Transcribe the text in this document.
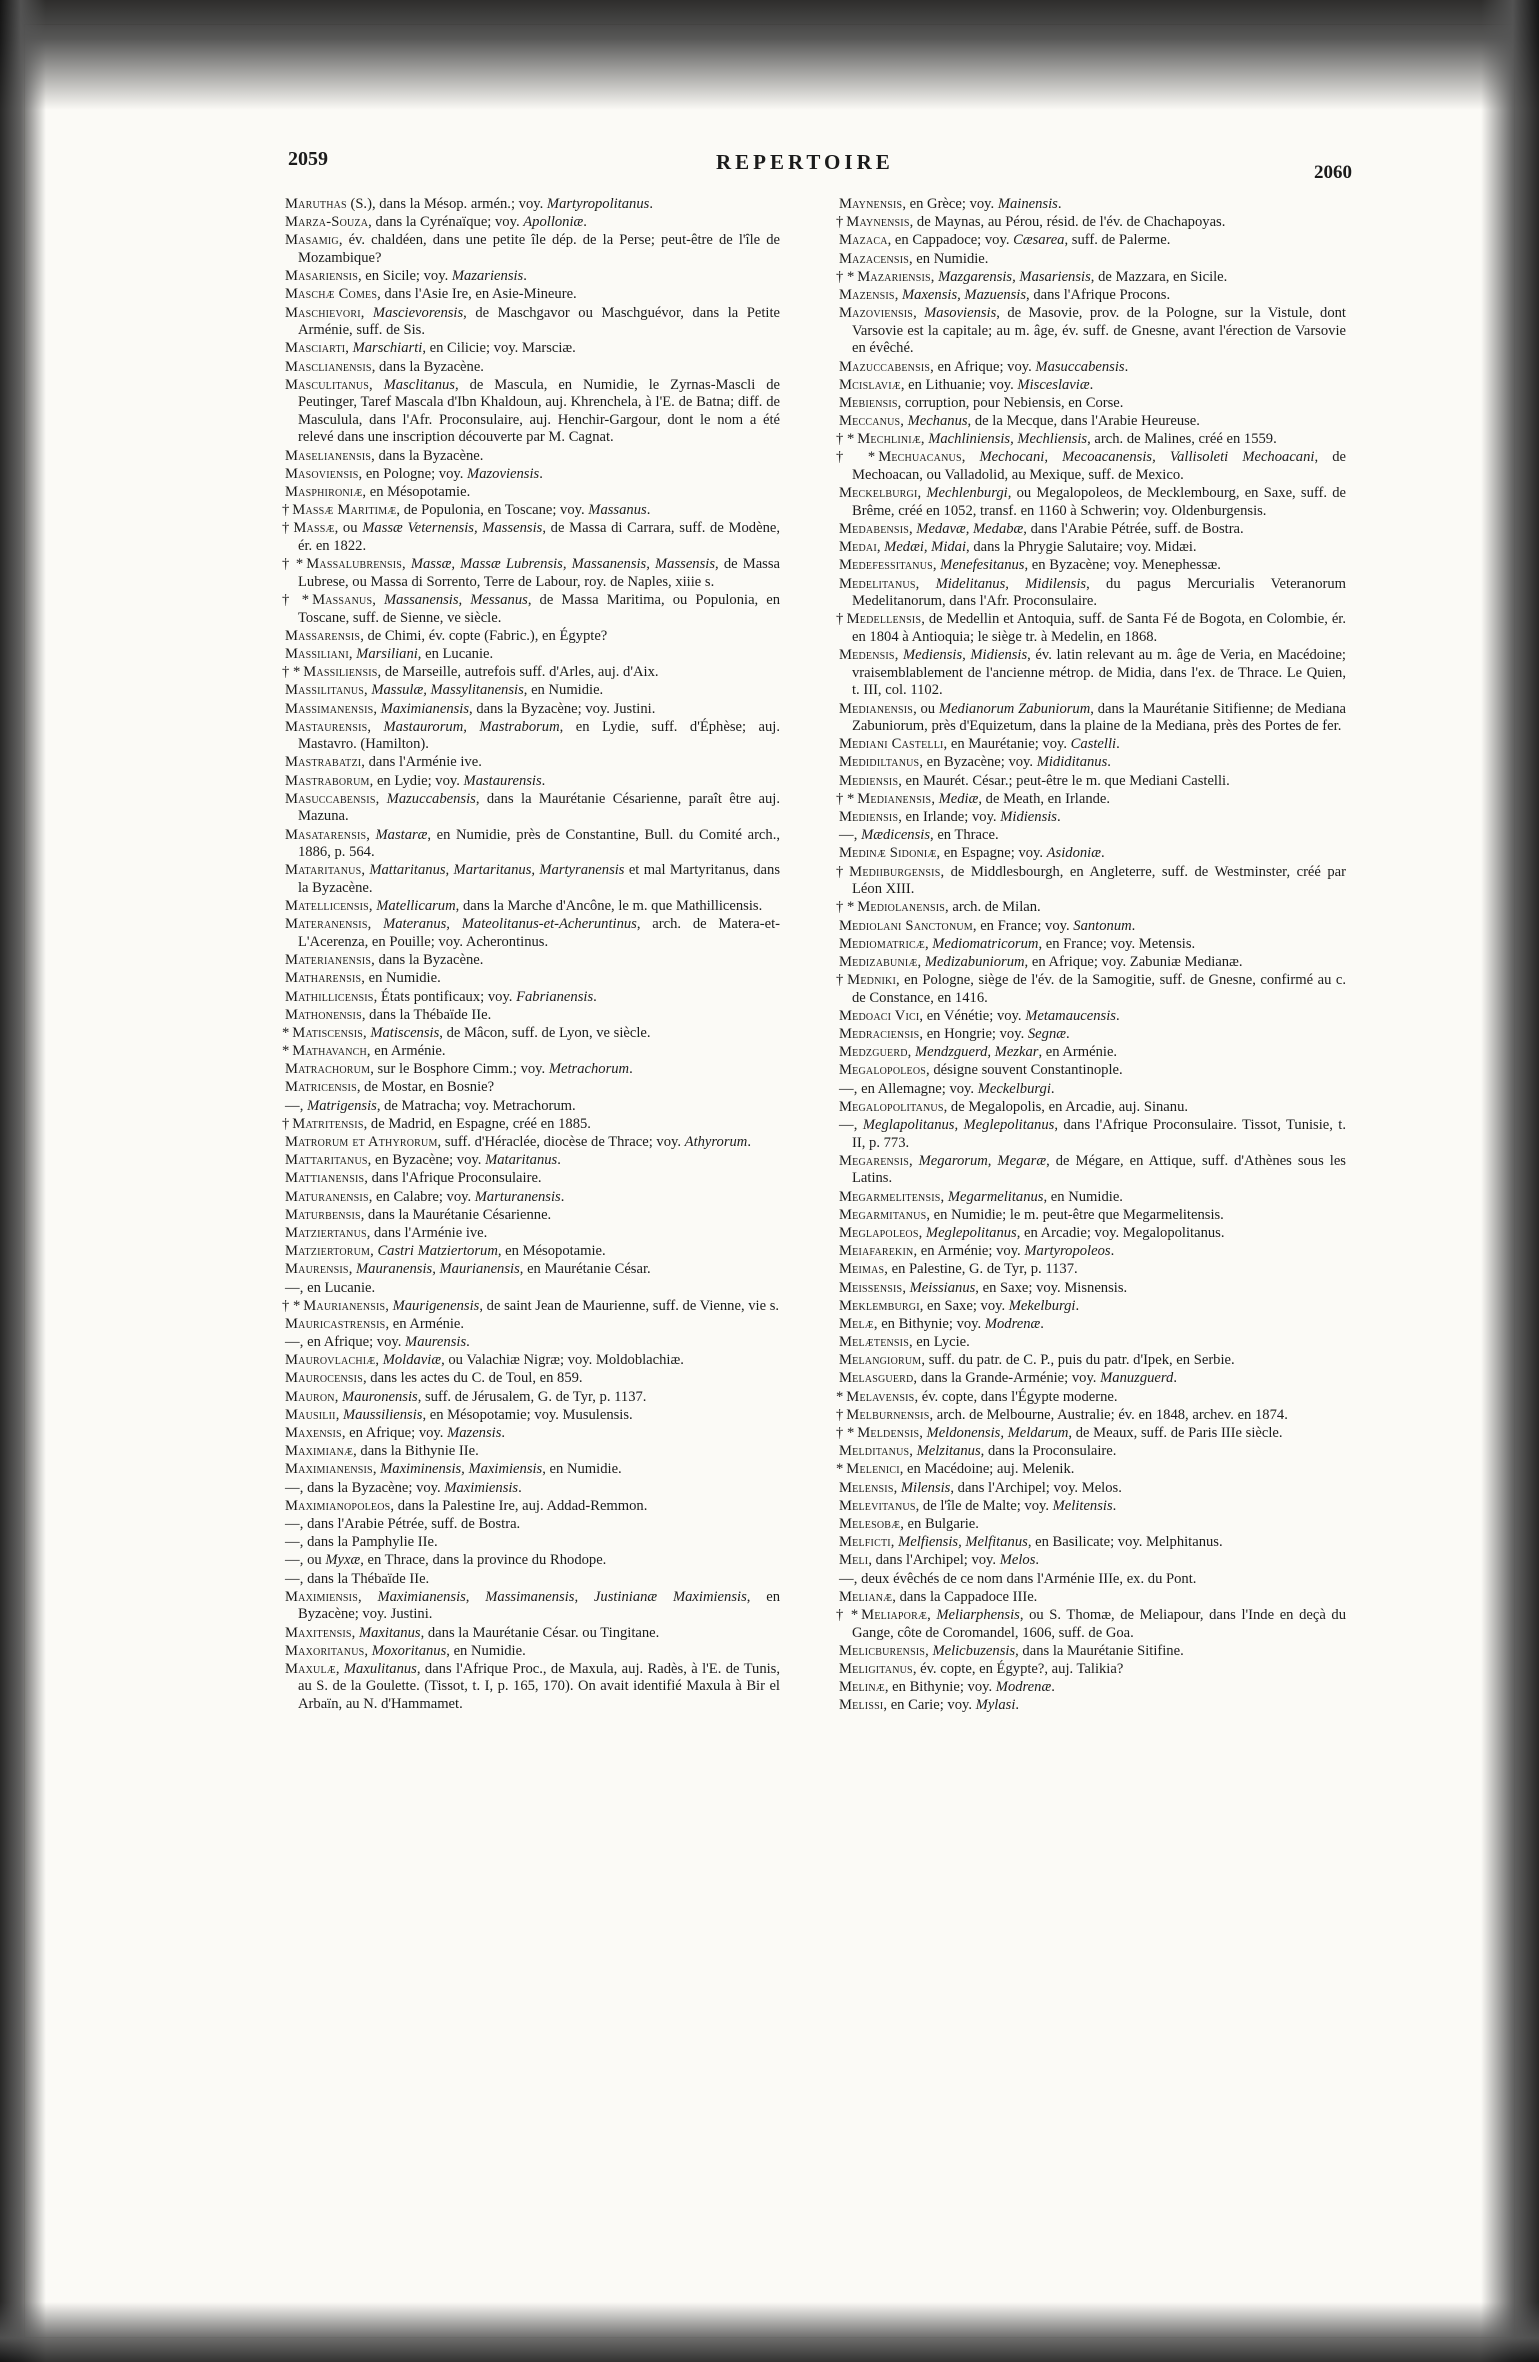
2059	REPERTOIRE	2060
Maruthas (S.), dans la Mésop. armén.; voy. Martyropolitanus.
Marza-Souza, dans la Cyrénaïque; voy. Apolloniæ.
Masamig, év. chaldéen, dans une petite île dép. de la Perse; peut-être de l'île de Mozambique?
Masariensis, en Sicile; voy. Mazariensis.
Maschæ Comes, dans l'Asie Ire, en Asie-Mineure.
Maschievori, Mascievorensis, de Maschgavor ou Maschguévor, dans la Petite Arménie, suff. de Sis.
Masciarti, Marschiarti, en Cilicie; voy. Marsciæ.
Masclianensis, dans la Byzacène.
Masculitanus, Masclitanus, de Mascula, en Numidie, le Zyrnas-Mascli de Peutinger, Taref Mascala d'Ibn Khaldoun, auj. Khrenchela, à l'E. de Batna; diff. de Masculula, dans l'Afr. Proconsulaire, auj. Henchir-Gargour, dont le nom a été relevé dans une inscription découverte par M. Cagnat.
Maselianensis, dans la Byzacène.
Masoviensis, en Pologne; voy. Mazoviensis.
Masphironiæ, en Mésopotamie.
† Massæ Maritimæ, de Populonia, en Toscane; voy. Massanus.
† Massæ, ou Massæ Veternensis, Massensis, de Massa di Carrara, suff. de Modène, ér. en 1822.
† * Massalubrensis, Massæ, Massæ Lubrensis, Massanensis, Massensis, de Massa Lubrese, ou Massa di Sorrento, Terre de Labour, roy. de Naples, xiiie s.
† * Massanus, Massanensis, Messanus, de Massa Maritima, ou Populonia, en Toscane, suff. de Sienne, ve siècle.
Massarensis, de Chimi, év. copte (Fabric.), en Égypte?
Massiliani, Marsiliani, en Lucanie.
† * Massiliensis, de Marseille, autrefois suff. d'Arles, auj. d'Aix.
Massilitanus, Massulæ, Massylitanensis, en Numidie.
Massimanensis, Maximianensis, dans la Byzacène; voy. Justini.
Mastaurensis, Mastaurorum, Mastraborum, en Lydie, suff. d'Éphèse; auj. Mastavro. (Hamilton).
Mastrabatzi, dans l'Arménie ive.
Mastraborum, en Lydie; voy. Mastaurensis.
Masuccabensis, Mazuccabensis, dans la Maurétanie Césarienne, paraît être auj. Mazuna.
Masatarensis, Mastaræ, en Numidie, près de Constantine, Bull. du Comité arch., 1886, p. 564.
Mataritanus, Mattaritanus, Martaritanus, Martyranensis et mal Martyritanus, dans la Byzacène.
Matellicensis, Matellicarum, dans la Marche d'Ancône, le m. que Mathillicensis.
Materanensis, Materanus, Mateolitanus-et-Acheruntinus, arch. de Matera-et-L'Acerenza, en Pouille; voy. Acherontinus.
Materianensis, dans la Byzacène.
Matharensis, en Numidie.
Mathillicensis, États pontificaux; voy. Fabrianensis.
Mathonensis, dans la Thébaïde IIe.
* Matiscensis, Matiscensis, de Mâcon, suff. de Lyon, ve siècle.
* Mathavanch, en Arménie.
Matrachorum, sur le Bosphore Cimm.; voy. Metrachorum.
Matricensis, de Mostar, en Bosnie?
—, Matrigensis, de Matracha; voy. Metrachorum.
† Matritensis, de Madrid, en Espagne, créé en 1885.
Matrorum et Athyrorum, suff. d'Héraclée, diocèse de Thrace; voy. Athyrorum.
Mattaritanus, en Byzacène; voy. Mataritanus.
Mattianensis, dans l'Afrique Proconsulaire.
Maturanensis, en Calabre; voy. Marturanensis.
Maturbensis, dans la Maurétanie Césarienne.
Matziertanus, dans l'Arménie ive.
Matziertorum, Castri Matziertorum, en Mésopotamie.
Maurensis, Mauranensis, Maurianensis, en Maurétanie César.
—, en Lucanie.
† * Maurianensis, Maurigenensis, de saint Jean de Maurienne, suff. de Vienne, vie s.
Mauricastrensis, en Arménie.
—, en Afrique; voy. Maurensis.
Maurovlachiæ, Moldaviæ, ou Valachiæ Nigræ; voy. Moldoblachiæ.
Maurocensis, dans les actes du C. de Toul, en 859.
Mauron, Mauronensis, suff. de Jérusalem, G. de Tyr, p. 1137.
Mausilii, Maussiliensis, en Mésopotamie; voy. Musulensis.
Maxensis, en Afrique; voy. Mazensis.
Maximianæ, dans la Bithynie IIe.
Maximianensis, Maximinensis, Maximiensis, en Numidie.
—, dans la Byzacène; voy. Maximiensis.
Maximianopoleos, dans la Palestine Ire, auj. Addad-Remmon.
—, dans l'Arabie Pétrée, suff. de Bostra.
—, dans la Pamphylie IIe.
—, ou Myxæ, en Thrace, dans la province du Rhodope.
—, dans la Thébaïde IIe.
Maximiensis, Maximianensis, Massimanensis, Justinianæ Maximiensis, en Byzacène; voy. Justini.
Maxitensis, Maxitanus, dans la Maurétanie César. ou Tingitane.
Maxoritanus, Moxoritanus, en Numidie.
Maxulæ, Maxulitanus, dans l'Afrique Proc., de Maxula, auj. Radès, à l'E. de Tunis, au S. de la Goulette. (Tissot, t. I, p. 165, 170). On avait identifié Maxula à Bir el Arbaïn, au N. d'Hammamet.
Maynensis, en Grèce; voy. Mainensis.
† Maynensis, de Maynas, au Pérou, résid. de l'év. de Chachapoyas.
Mazaca, en Cappadoce; voy. Cæsarea, suff. de Palerme.
Mazacensis, en Numidie.
† * Mazariensis, Mazgarensis, Masariensis, de Mazzara, en Sicile.
Mazensis, Maxensis, Mazuensis, dans l'Afrique Procons.
Mazoviensis, Masoviensis, de Masovie, prov. de la Pologne, sur la Vistule, dont Varsovie est la capitale; au m. âge, év. suff. de Gnesne, avant l'érection de Varsovie en évêché.
Mazuccabensis, en Afrique; voy. Masuccabensis.
Mcislaviæ, en Lithuanie; voy. Misceslaviæ.
Mebiensis, corruption, pour Nebiensis, en Corse.
Meccanus, Mechanus, de la Mecque, dans l'Arabie Heureuse.
† * Mechliniæ, Machliniensis, Mechliensis, arch. de Malines, créé en 1559.
† * Mechuacanus, Mechocani, Mecoacanensis, Vallisoleti Mechoacani, de Mechoacan, ou Valladolid, au Mexique, suff. de Mexico.
Meckelburgi, Mechlenburgi, ou Megalopoleos, de Mecklembourg, en Saxe, suff. de Brême, créé en 1052, transf. en 1160 à Schwerin; voy. Oldenburgensis.
Medabensis, Medavæ, Medabæ, dans l'Arabie Pétrée, suff. de Bostra.
Medai, Medæi, Midai, dans la Phrygie Salutaire; voy. Midæi.
Medefessitanus, Menefesitanus, en Byzacène; voy. Menephessæ.
Medelitanus, Midelitanus, Midilensis, du pagus Mercurialis Veteranorum Medelitanorum, dans l'Afr. Proconsulaire.
† Medellensis, de Medellin et Antoquia, suff. de Santa Fé de Bogota, en Colombie, ér. en 1804 à Antioquia; le siège tr. à Medelin, en 1868.
Medensis, Mediensis, Midiensis, év. latin relevant au m. âge de Veria, en Macédoine; vraisemblablement de l'ancienne métrop. de Midia, dans l'ex. de Thrace. Le Quien, t. III, col. 1102.
Medianensis, ou Medianorum Zabuniorum, dans la Maurétanie Sitifienne; de Mediana Zabuniorum, près d'Equizetum, dans la plaine de la Mediana, près des Portes de fer.
Mediani Castelli, en Maurétanie; voy. Castelli.
Medidiltanus, en Byzacène; voy. Mididitanus.
Mediensis, en Maurét. César.; peut-être le m. que Mediani Castelli.
† * Medianensis, Mediæ, de Meath, en Irlande.
Mediensis, en Irlande; voy. Midiensis.
—, Mædicensis, en Thrace.
Medinæ Sidoniæ, en Espagne; voy. Asidoniæ.
† Mediiburgensis, de Middlesbourgh, en Angleterre, suff. de Westminster, créé par Léon XIII.
† * Mediolanensis, arch. de Milan.
Mediolani Sanctonum, en France; voy. Santonum.
Mediomatricæ, Mediomatricorum, en France; voy. Metensis.
Medizabuniæ, Medizabuniorum, en Afrique; voy. Zabuniæ Medianæ.
† Medniki, en Pologne, siège de l'év. de la Samogitie, suff. de Gnesne, confirmé au c. de Constance, en 1416.
Medoaci Vici, en Vénétie; voy. Metamaucensis.
Medraciensis, en Hongrie; voy. Segnæ.
Medzguerd, Mendzguerd, Mezkar, en Arménie.
Megalopoleos, désigne souvent Constantinople.
—, en Allemagne; voy. Meckelburgi.
Megalopolitanus, de Megalopolis, en Arcadie, auj. Sinanu.
—, Meglapolitanus, Meglepolitanus, dans l'Afrique Proconsulaire. Tissot, Tunisie, t. II, p. 773.
Megarensis, Megarorum, Megaræ, de Mégare, en Attique, suff. d'Athènes sous les Latins.
Megarmelitensis, Megarmelitanus, en Numidie.
Megarmitanus, en Numidie; le m. peut-être que Megarmelitensis.
Meglapoleos, Meglepolitanus, en Arcadie; voy. Megalopolitanus.
Meiafarekin, en Arménie; voy. Martyropoleos.
Meimas, en Palestine, G. de Tyr, p. 1137.
Meissensis, Meissianus, en Saxe; voy. Misnensis.
Meklemburgi, en Saxe; voy. Mekelburgi.
Melæ, en Bithynie; voy. Modrenæ.
Melætensis, en Lycie.
Melangiorum, suff. du patr. de C. P., puis du patr. d'Ipek, en Serbie.
Melasguerd, dans la Grande-Arménie; voy. Manuzguerd.
* Melavensis, év. copte, dans l'Égypte moderne.
† Melburnensis, arch. de Melbourne, Australie; év. en 1848, archev. en 1874.
† * Meldensis, Meldonensis, Meldarum, de Meaux, suff. de Paris IIIe siècle.
Melditanus, Melzitanus, dans la Proconsulaire.
* Melenici, en Macédoine; auj. Melenik.
Melensis, Milensis, dans l'Archipel; voy. Melos.
Melevitanus, de l'île de Malte; voy. Melitensis.
Melesobæ, en Bulgarie.
Melficti, Melfiensis, Melfitanus, en Basilicate; voy. Melphitanus.
Meli, dans l'Archipel; voy. Melos.
—, deux évêchés de ce nom dans l'Arménie IIIe, ex. du Pont.
Melianæ, dans la Cappadoce IIIe.
† * Meliaporæ, Meliarphensis, ou S. Thomæ, de Meliapour, dans l'Inde en deçà du Gange, côte de Coromandel, 1606, suff. de Goa.
Melicburensis, Melicbuzensis, dans la Maurétanie Sitifine.
Meligitanus, év. copte, en Égypte?, auj. Talikia?
Melinæ, en Bithynie; voy. Modrenæ.
Melissi, en Carie; voy. Mylasi.
